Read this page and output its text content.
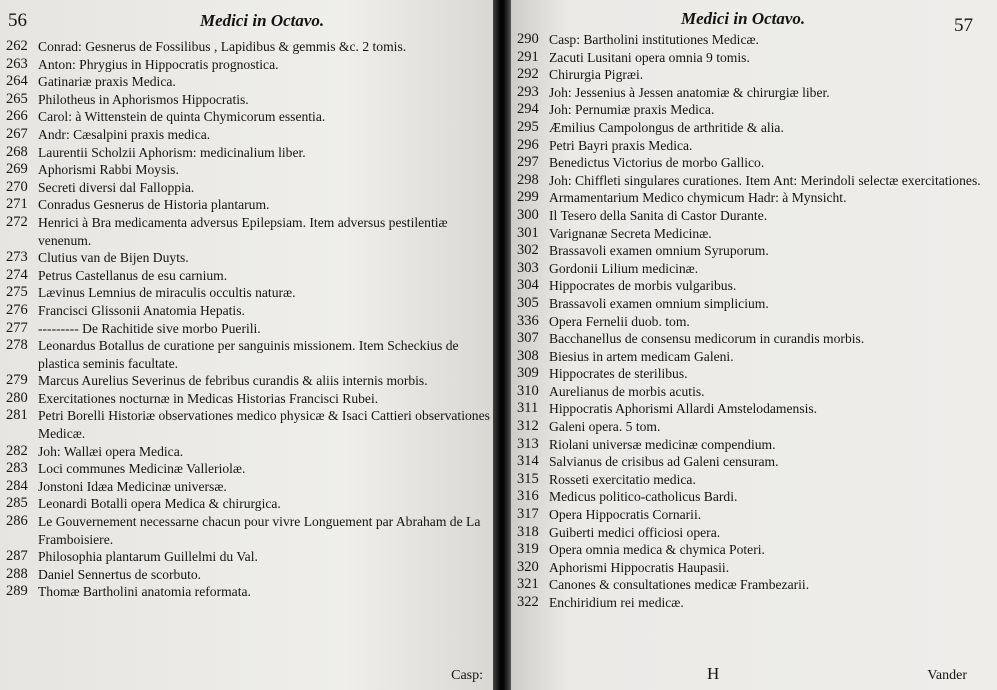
56	Medici in Octavo.
262 Conrad: Gesnerus de Fossilibus , Lapidibus & gemmis &c. 2 tomis.
263 Anton: Phrygius in Hippocratis prognostica.
264 Gatinariæ praxis Medica.
265 Philotheus in Aphorismos Hippocratis.
266 Carol: à Wittenstein de quinta Chymicorum essentia.
267 Andr: Cæsalpini praxis medica.
268 Laurentii Scholzii Aphorism: medicinalium liber.
269 Aphorismi Rabbi Moysis.
270 Secreti diversi dal Falloppia.
271 Conradus Gesnerus de Historia plantarum.
272 Henrici à Bra medicamenta adversus Epilepsiam. Item adversus pestilentiæ venenum.
273 Clutius van de Bijen Duyts.
274 Petrus Castellanus de esu carnium.
275 Lævinus Lemnius de miraculis occultis naturæ.
276 Francisci Glissonii Anatomia Hepatis.
277 --------- De Rachitide sive morbo Puerili.
278 Leonardus Botallus de curatione per sanguinis missionem. Item Scheckius de plastica seminis facultate.
279 Marcus Aurelius Severinus de febribus curandis & aliis internis morbis.
280 Exercitationes nocturnæ in Medicas Historias Francisci Rubei.
281 Petri Borelli Historiæ observationes medico physicæ & Isaci Cattieri observationes Medicæ.
282 Joh: Wallæi opera Medica.
283 Loci communes Medicinæ Valleriolæ.
284 Jonstoni Idæa Medicinæ universæ.
285 Leonardi Botalli opera Medica & chirurgica.
286 Le Gouvernement necessarne chacun pour vivre Longuement par Abraham de La Framboisiere.
287 Philosophia plantarum Guillelmi du Val.
288 Daniel Sennertus de scorbuto.
289 Thomæ Bartholini anatomia reformata.
Casp:
Medici in Octavo.	57
290 Casp: Bartholini institutiones Medicæ.
291 Zacuti Lusitani opera omnia 9 tomis.
292 Chirurgia Pigræi.
293 Joh: Jessenius à Jessen anatomiæ & chirurgiæ liber.
294 Joh: Pernumiæ praxis Medica.
295 Æmilius Campolongus de arthritide & alia.
296 Petri Bayri praxis Medica.
297 Benedictus Victorius de morbo Gallico.
298 Joh: Chiffleti singulares curationes. Item Ant: Merindoli selectæ exercitationes.
299 Armamentarium Medico chymicum Hadr: à Mynsicht.
300 Il Tesero della Sanita di Castor Durante.
301 Varignanæ Secreta Medicinæ.
302 Brassavoli examen omnium Syruporum.
303 Gordonii Lilium medicinæ.
304 Hippocrates de morbis vulgaribus.
305 Brassavoli examen omnium simplicium.
336 Opera Fernelii duob. tom.
307 Bacchanellus de consensu medicorum in curandis morbis.
308 Biesius in artem medicam Galeni.
309 Hippocrates de sterilibus.
310 Aurelianus de morbis acutis.
311 Hippocratis Aphorismi Allardi Amstelodamensis.
312 Galeni opera. 5 tom.
313 Riolani universæ medicinæ compendium.
314 Salvianus de crisibus ad Galeni censuram.
315 Rosseti exercitatio medica.
316 Medicus politico-catholicus Bardi.
317 Opera Hippocratis Cornarii.
318 Guiberti medici officiosi opera.
319 Opera omnia medica & chymica Poteri.
320 Aphorismi Hippocratis Haupasii.
321 Canones & consultationes medicæ Frambezarii.
322 Enchiridium rei medicæ.
H	Vander
